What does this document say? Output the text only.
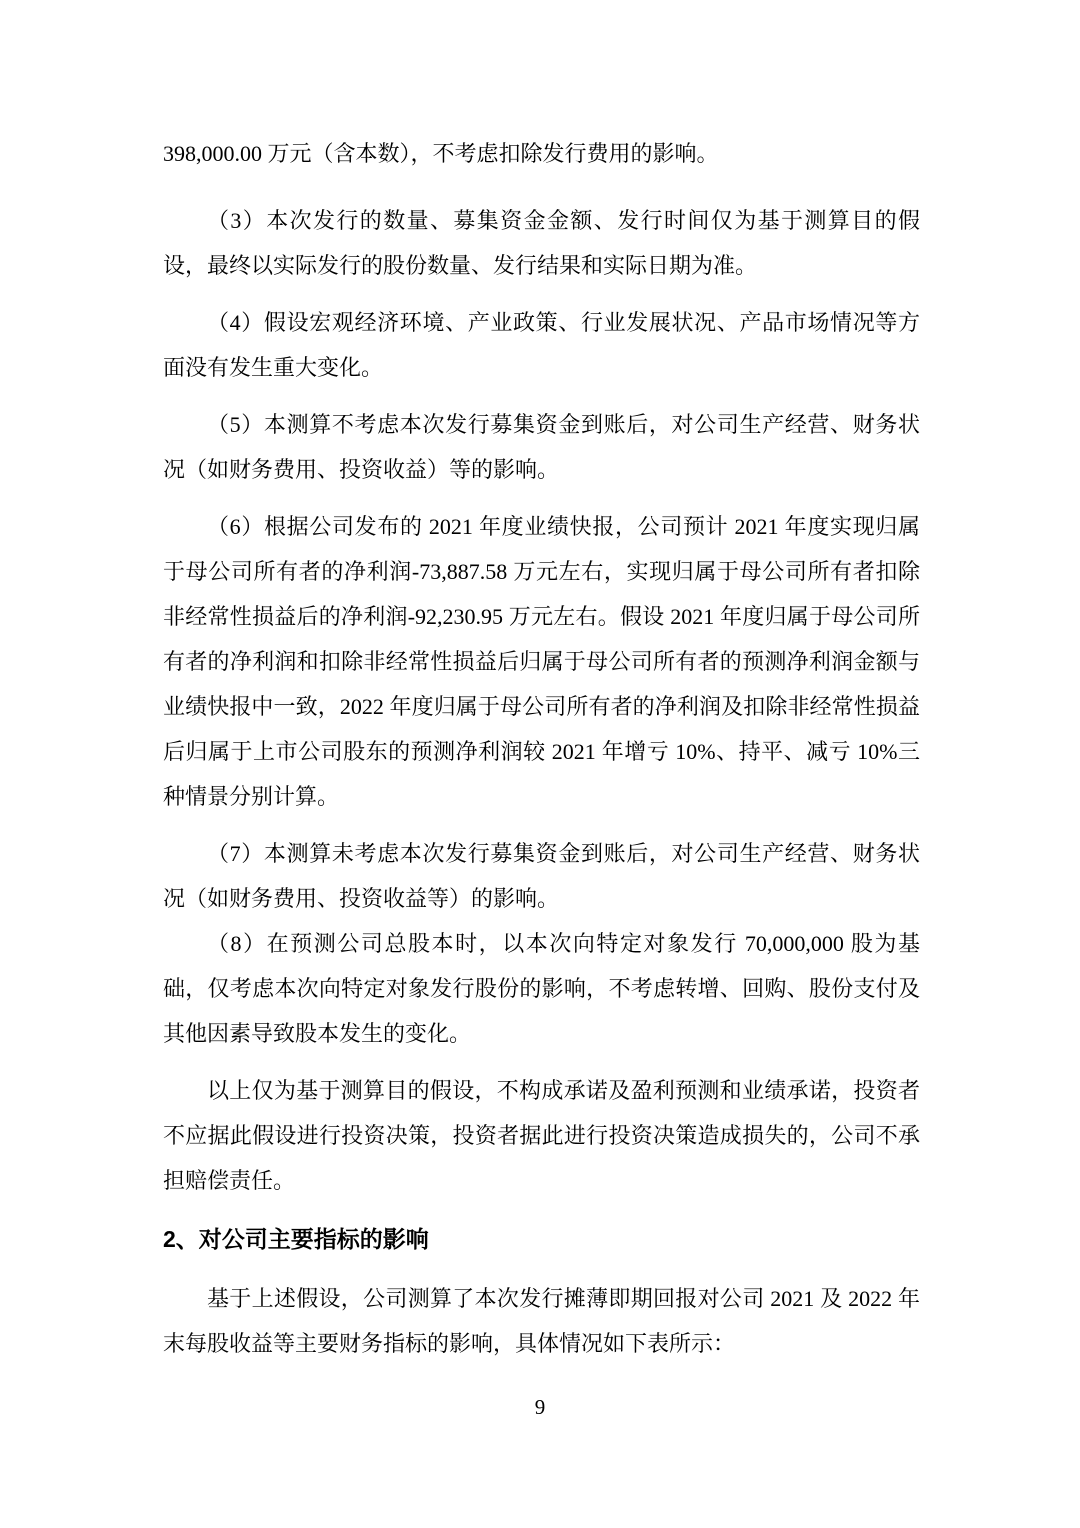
398,000.00 万元（含本数），不考虑扣除发行费用的影响。

（3）本次发行的数量、募集资金金额、发行时间仅为基于测算目的假设，最终以实际发行的股份数量、发行结果和实际日期为准。

（4）假设宏观经济环境、产业政策、行业发展状况、产品市场情况等方面没有发生重大变化。

（5）本测算不考虑本次发行募集资金到账后，对公司生产经营、财务状况（如财务费用、投资收益）等的影响。

（6）根据公司发布的 2021 年度业绩快报，公司预计 2021 年度实现归属于母公司所有者的净利润-73,887.58 万元左右，实现归属于母公司所有者扣除非经常性损益后的净利润-92,230.95 万元左右。假设 2021 年度归属于母公司所有者的净利润和扣除非经常性损益后归属于母公司所有者的预测净利润金额与业绩快报中一致，2022 年度归属于母公司所有者的净利润及扣除非经常性损益后归属于上市公司股东的预测净利润较 2021 年增亏 10%、持平、减亏 10%三种情景分别计算。

（7）本测算未考虑本次发行募集资金到账后，对公司生产经营、财务状况（如财务费用、投资收益等）的影响。

（8）在预测公司总股本时，以本次向特定对象发行 70,000,000 股为基础，仅考虑本次向特定对象发行股份的影响，不考虑转增、回购、股份支付及其他因素导致股本发生的变化。

以上仅为基于测算目的假设，不构成承诺及盈利预测和业绩承诺，投资者不应据此假设进行投资决策，投资者据此进行投资决策造成损失的，公司不承担赔偿责任。

2、对公司主要指标的影响

基于上述假设，公司测算了本次发行摊薄即期回报对公司 2021 及 2022 年末每股收益等主要财务指标的影响，具体情况如下表所示：

9
